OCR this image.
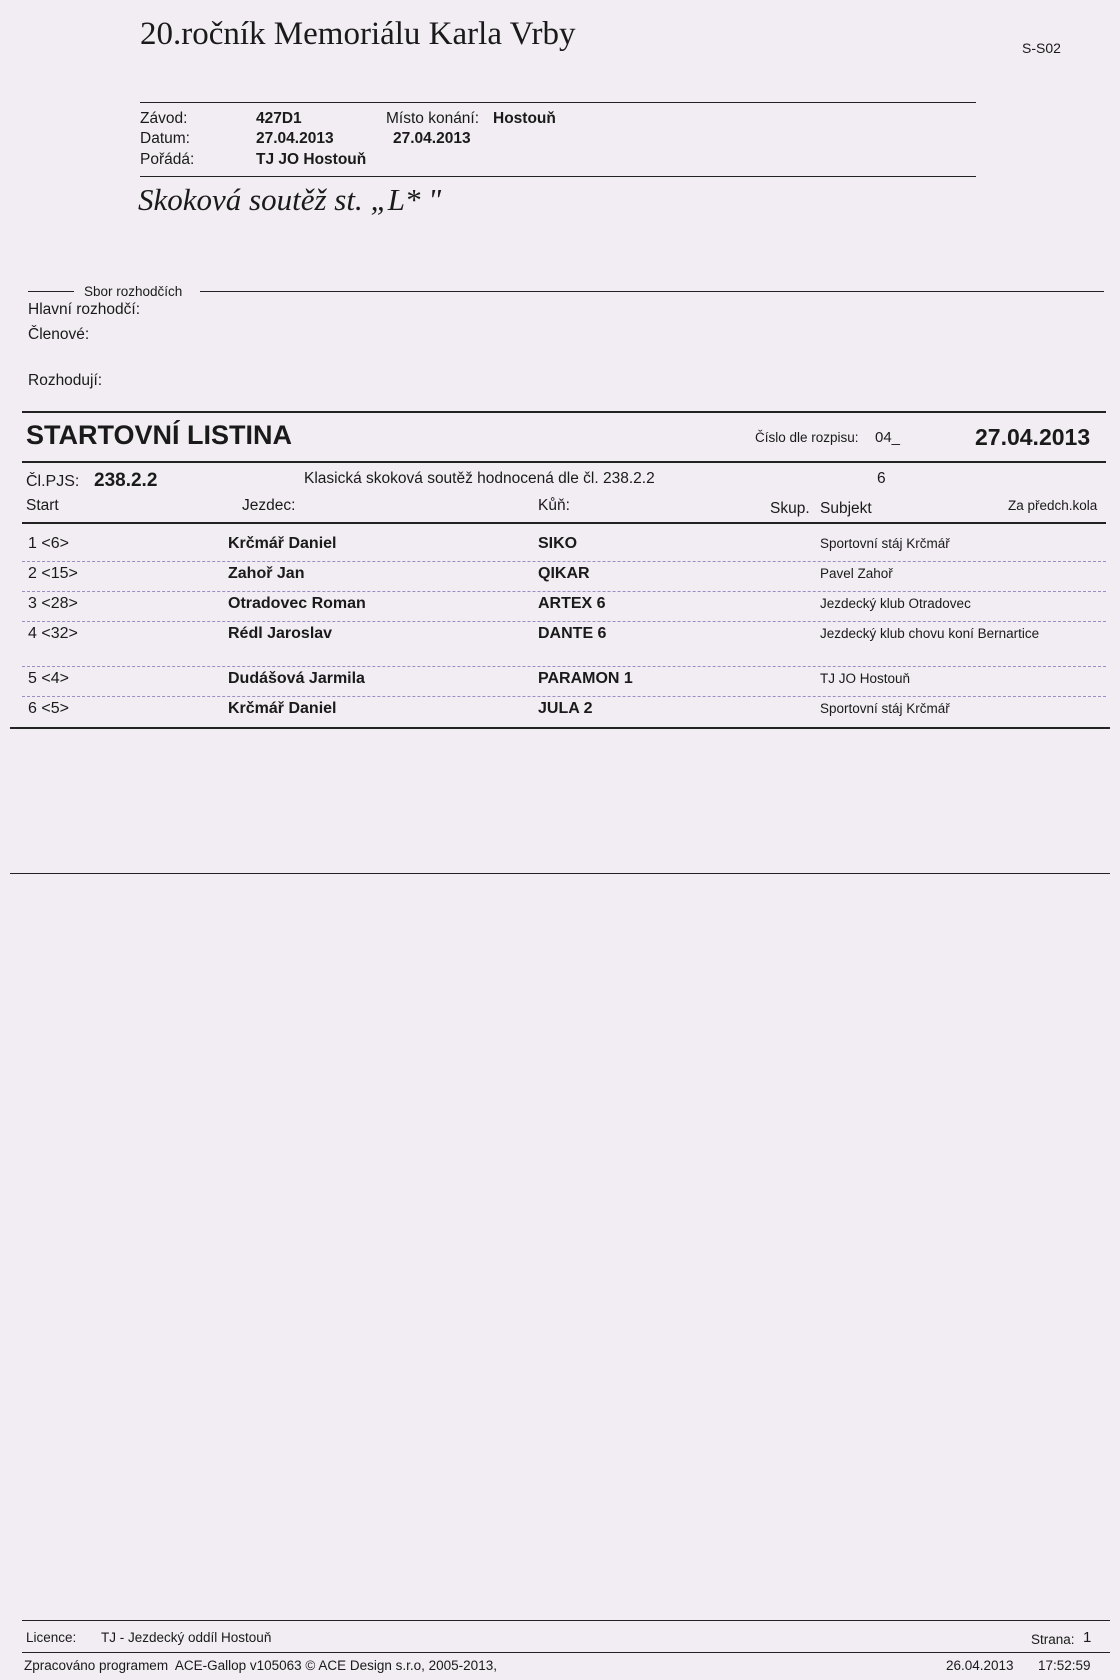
20.ročník Memoriálu Karla Vrby	S-S02
Závod:	427D1	Místo konání: Hostouň
Datum:	27.04.2013	27.04.2013
Pořádá:	TJ JO Hostouň
Skoková soutěž st. „L* "
Sbor rozhodčích
Hlavní rozhodčí:
Členové:
Rozhodují:
STARTOVNÍ LISTINA	Číslo dle rozpisu: 04_	27.04.2013
Čl.PJS: 238.2.2	Klasická skoková soutěž hodnocená dle čl. 238.2.2	6
Start	Jezdec:	Kůň:	Skup. Subjekt	Za předch.kola
1 <6>	Krčmář Daniel	SIKO	Sportovní stáj Krčmář
2 <15>	Zahoř Jan	QIKAR	Pavel Zahoř
3 <28>	Otradovec Roman	ARTEX 6	Jezdecký klub Otradovec
4 <32>	Rédl Jaroslav	DANTE 6	Jezdecký klub chovu koní Bernartice
5 <4>	Dudášová Jarmila	PARAMON 1	TJ JO Hostouň
6 <5>	Krčmář Daniel	JULA 2	Sportovní stáj Krčmář
Licence: TJ - Jezdecký oddíl Hostouň	Strana: 1
Zpracováno programem  ACE-Gallop v105063 © ACE Design s.r.o, 2005-2013,	26.04.2013 17:52:59
